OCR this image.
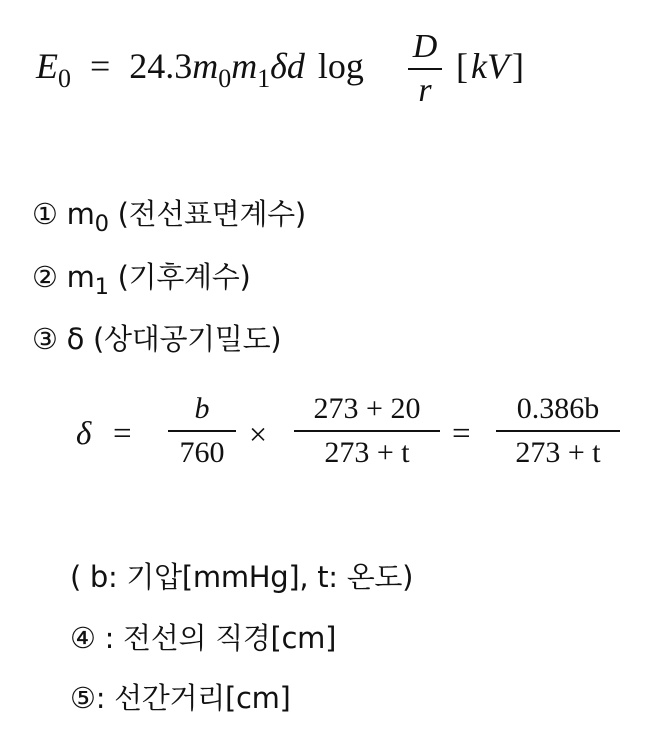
$E_0 = 24.3m_0m_1\delta d$ log D
r
[kV]
① $m_0$ (전선표면계수)
② $m_1$ (기후계수)
③ δ (상대공기밀도)
δ =
b
760
×
273 + 20
273 + t
=
0.386b
273 + t
( b: 기압[mmHg], t: 온도)
④ : 전선의 직경[cm]
⑤: 선간거리[cm]
